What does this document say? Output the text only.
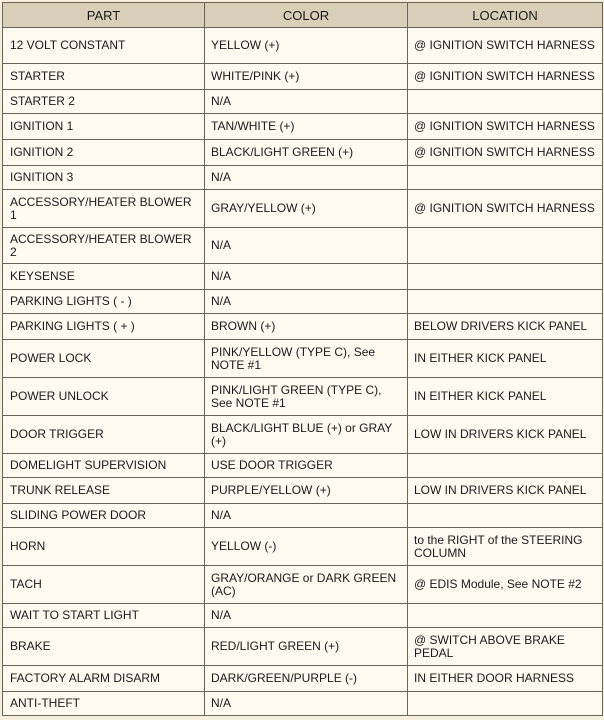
PART	COLOR	LOCATION
12 VOLT CONSTANT	YELLOW (+)	@ IGNITION SWITCH HARNESS
STARTER	WHITE/PINK (+)	@ IGNITION SWITCH HARNESS
STARTER 2	N/A	
IGNITION 1	TAN/WHITE (+)	@ IGNITION SWITCH HARNESS
IGNITION 2	BLACK/LIGHT GREEN (+)	@ IGNITION SWITCH HARNESS
IGNITION 3	N/A	
ACCESSORY/HEATER BLOWER 1	GRAY/YELLOW (+)	@ IGNITION SWITCH HARNESS
ACCESSORY/HEATER BLOWER 2	N/A	
KEYSENSE	N/A	
PARKING LIGHTS ( - )	N/A	
PARKING LIGHTS ( + )	BROWN (+)	BELOW DRIVERS KICK PANEL
POWER LOCK	PINK/YELLOW (TYPE C), See NOTE #1	IN EITHER KICK PANEL
POWER UNLOCK	PINK/LIGHT GREEN (TYPE C), See NOTE #1	IN EITHER KICK PANEL
DOOR TRIGGER	BLACK/LIGHT BLUE (+) or GRAY (+)	LOW IN DRIVERS KICK PANEL
DOMELIGHT SUPERVISION	USE DOOR TRIGGER	
TRUNK RELEASE	PURPLE/YELLOW (+)	LOW IN DRIVERS KICK PANEL
SLIDING POWER DOOR	N/A	
HORN	YELLOW (-)	to the RIGHT of the STEERING COLUMN
TACH	GRAY/ORANGE or DARK GREEN (AC)	@ EDIS Module, See NOTE #2
WAIT TO START LIGHT	N/A	
BRAKE	RED/LIGHT GREEN (+)	@ SWITCH ABOVE BRAKE PEDAL
FACTORY ALARM DISARM	DARK/GREEN/PURPLE (-)	IN EITHER DOOR HARNESS
ANTI-THEFT	N/A	
